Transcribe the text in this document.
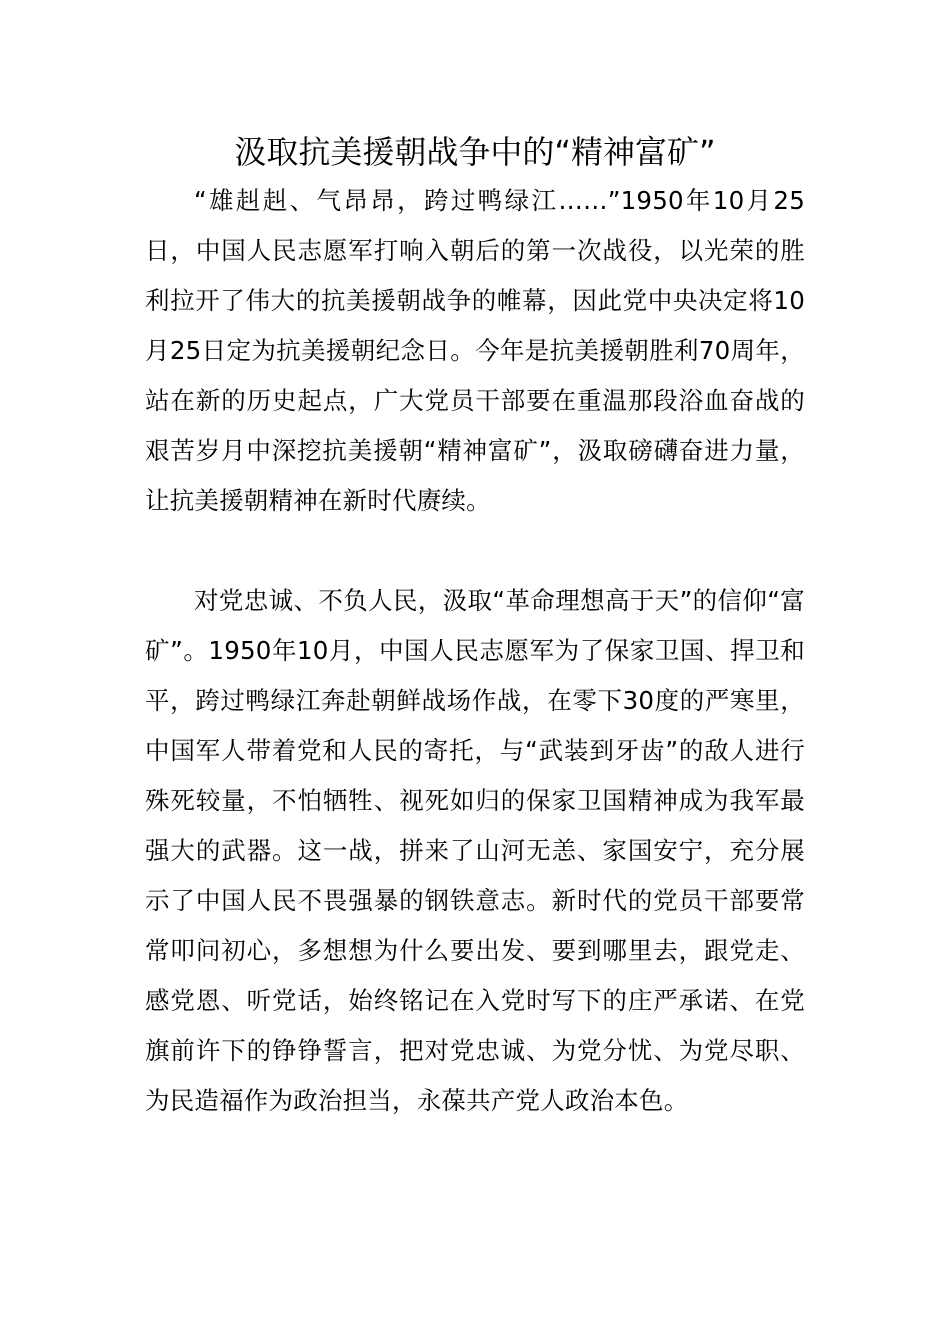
汲取抗美援朝战争中的“精神富矿”

“雄赳赳、气昂昂，跨过鸭绿江……”1950年10月25日，中国人民志愿军打响入朝后的第一次战役，以光荣的胜利拉开了伟大的抗美援朝战争的帷幕，因此党中央决定将10月25日定为抗美援朝纪念日。今年是抗美援朝胜利70周年，站在新的历史起点，广大党员干部要在重温那段浴血奋战的艰苦岁月中深挖抗美援朝“精神富矿”，汲取磅礴奋进力量，让抗美援朝精神在新时代赓续。

对党忠诚、不负人民，汲取“革命理想高于天”的信仰“富矿”。1950年10月，中国人民志愿军为了保家卫国、捍卫和平，跨过鸭绿江奔赴朝鲜战场作战，在零下30度的严寒里，中国军人带着党和人民的寄托，与“武装到牙齿”的敌人进行殊死较量，不怕牺牲、视死如归的保家卫国精神成为我军最强大的武器。这一战，拼来了山河无恙、家国安宁，充分展示了中国人民不畏强暴的钢铁意志。新时代的党员干部要常常叩问初心，多想想为什么要出发、要到哪里去，跟党走、感党恩、听党话，始终铭记在入党时写下的庄严承诺、在党旗前许下的铮铮誓言，把对党忠诚、为党分忧、为党尽职、为民造福作为政治担当，永葆共产党人政治本色。
